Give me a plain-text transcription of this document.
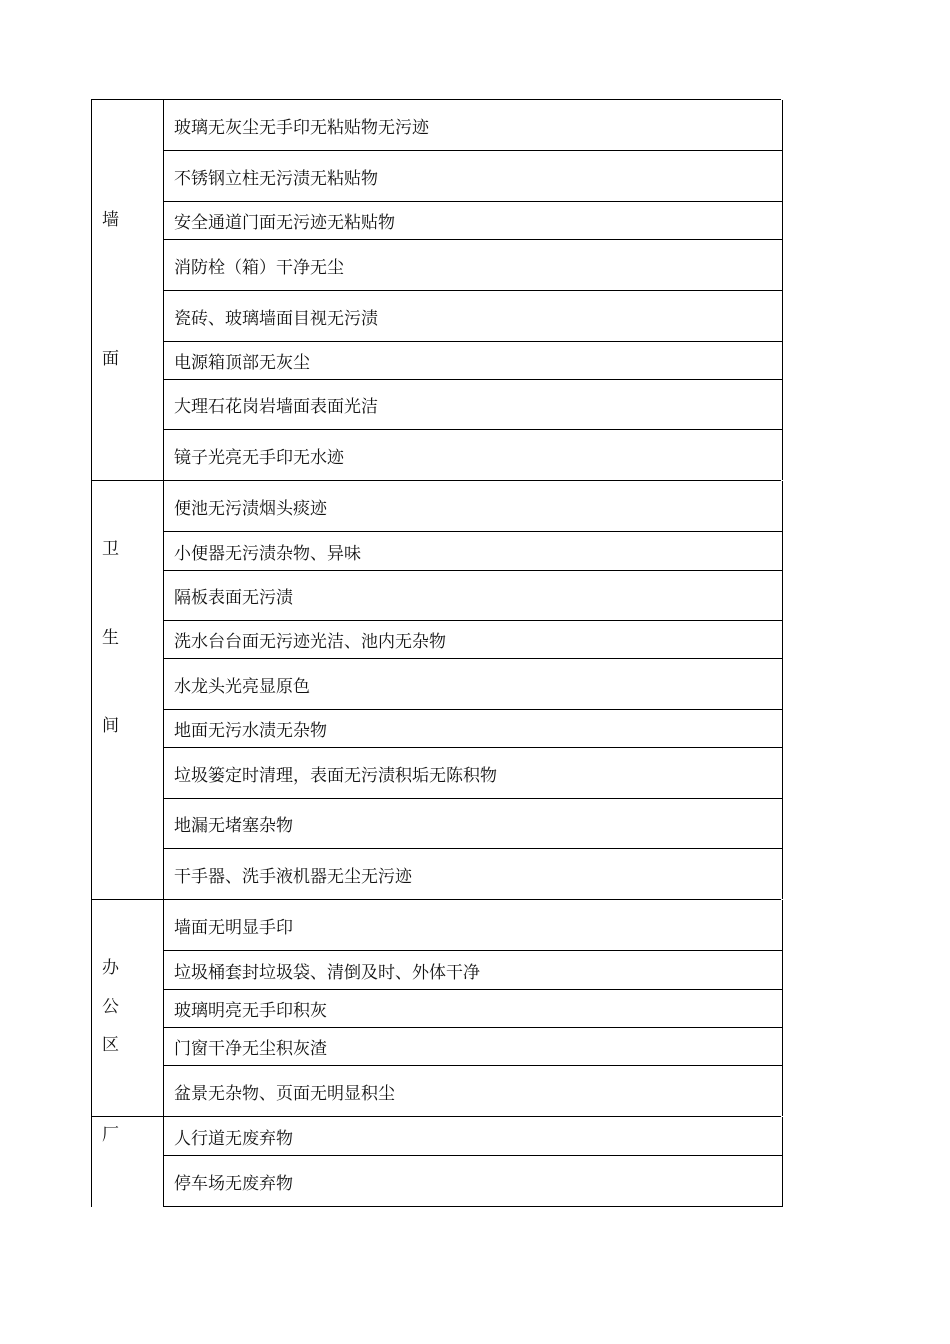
墙
面
玻璃无灰尘无手印无粘贴物无污迹
不锈钢立柱无污渍无粘贴物
安全通道门面无污迹无粘贴物
消防栓（箱）干净无尘
瓷砖、玻璃墙面目视无污渍
电源箱顶部无灰尘
大理石花岗岩墙面表面光洁
镜子光亮无手印无水迹
卫
生
间
便池无污渍烟头痰迹
小便器无污渍杂物、异味
隔板表面无污渍
洗水台台面无污迹光洁、池内无杂物
水龙头光亮显原色
地面无污水渍无杂物
垃圾篓定时清理，表面无污渍积垢无陈积物
地漏无堵塞杂物
干手器、洗手液机器无尘无污迹
办
公
区
墙面无明显手印
垃圾桶套封垃圾袋、清倒及时、外体干净
玻璃明亮无手印积灰
门窗干净无尘积灰渣
盆景无杂物、页面无明显积尘
厂	人行道无废弃物
停车场无废弃物
